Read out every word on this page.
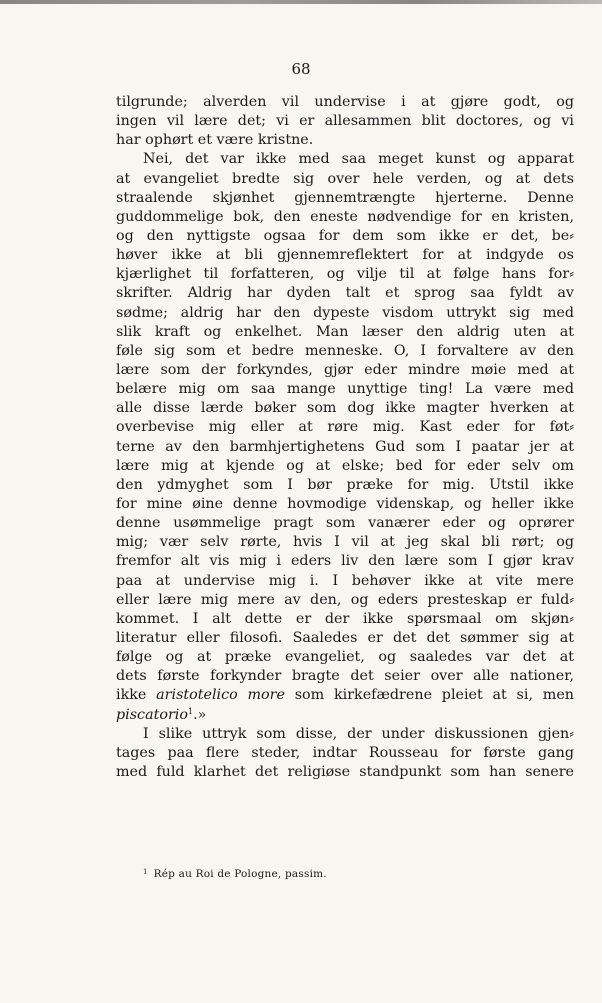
68
tilgrunde; alverden vil undervise i at gjøre godt, og
ingen vil lære det; vi er allesammen blit doctores, og vi
har ophørt et være kristne.
Nei, det var ikke med saa meget kunst og apparat
at evangeliet bredte sig over hele verden, og at dets
straalende skjønhet gjennemtrængte hjerterne. Denne
guddommelige bok, den eneste nødvendige for en kristen,
og den nyttigste ogsaa for dem som ikke er det, be⸗
høver ikke at bli gjennemreflektert for at indgyde os
kjærlighet til forfatteren, og vilje til at følge hans for⸗
skrifter. Aldrig har dyden talt et sprog saa fyldt av
sødme; aldrig har den dypeste visdom uttrykt sig med
slik kraft og enkelhet. Man læser den aldrig uten at
føle sig som et bedre menneske. O, I forvaltere av den
lære som der forkyndes, gjør eder mindre møie med at
belære mig om saa mange unyttige ting! La være med
alle disse lærde bøker som dog ikke magter hverken at
overbevise mig eller at røre mig. Kast eder for føt⸗
terne av den barmhjertighetens Gud som I paatar jer at
lære mig at kjende og at elske; bed for eder selv om
den ydmyghet som I bør præke for mig. Utstil ikke
for mine øine denne hovmodige videnskap, og heller ikke
denne usømmelige pragt som vanærer eder og oprører
mig; vær selv rørte, hvis I vil at jeg skal bli rørt; og
fremfor alt vis mig i eders liv den lære som I gjør krav
paa at undervise mig i. I behøver ikke at vite mere
eller lære mig mere av den, og eders presteskap er fuld⸗
kommet. I alt dette er der ikke spørsmaal om skjøn⸗
literatur eller filosofi. Saaledes er det det sømmer sig at
følge og at præke evangeliet, og saaledes var det at
dets første forkynder bragte det seier over alle nationer,
ikke aristotelico more som kirkefædrene pleiet at si, men
piscatorio$^1$.»
I slike uttryk som disse, der under diskussionen gjen⸗
tages paa flere steder, indtar Rousseau for første gang
med fuld klarhet det religiøse standpunkt som han senere
$^1$ Rép au Roi de Pologne, passim.
